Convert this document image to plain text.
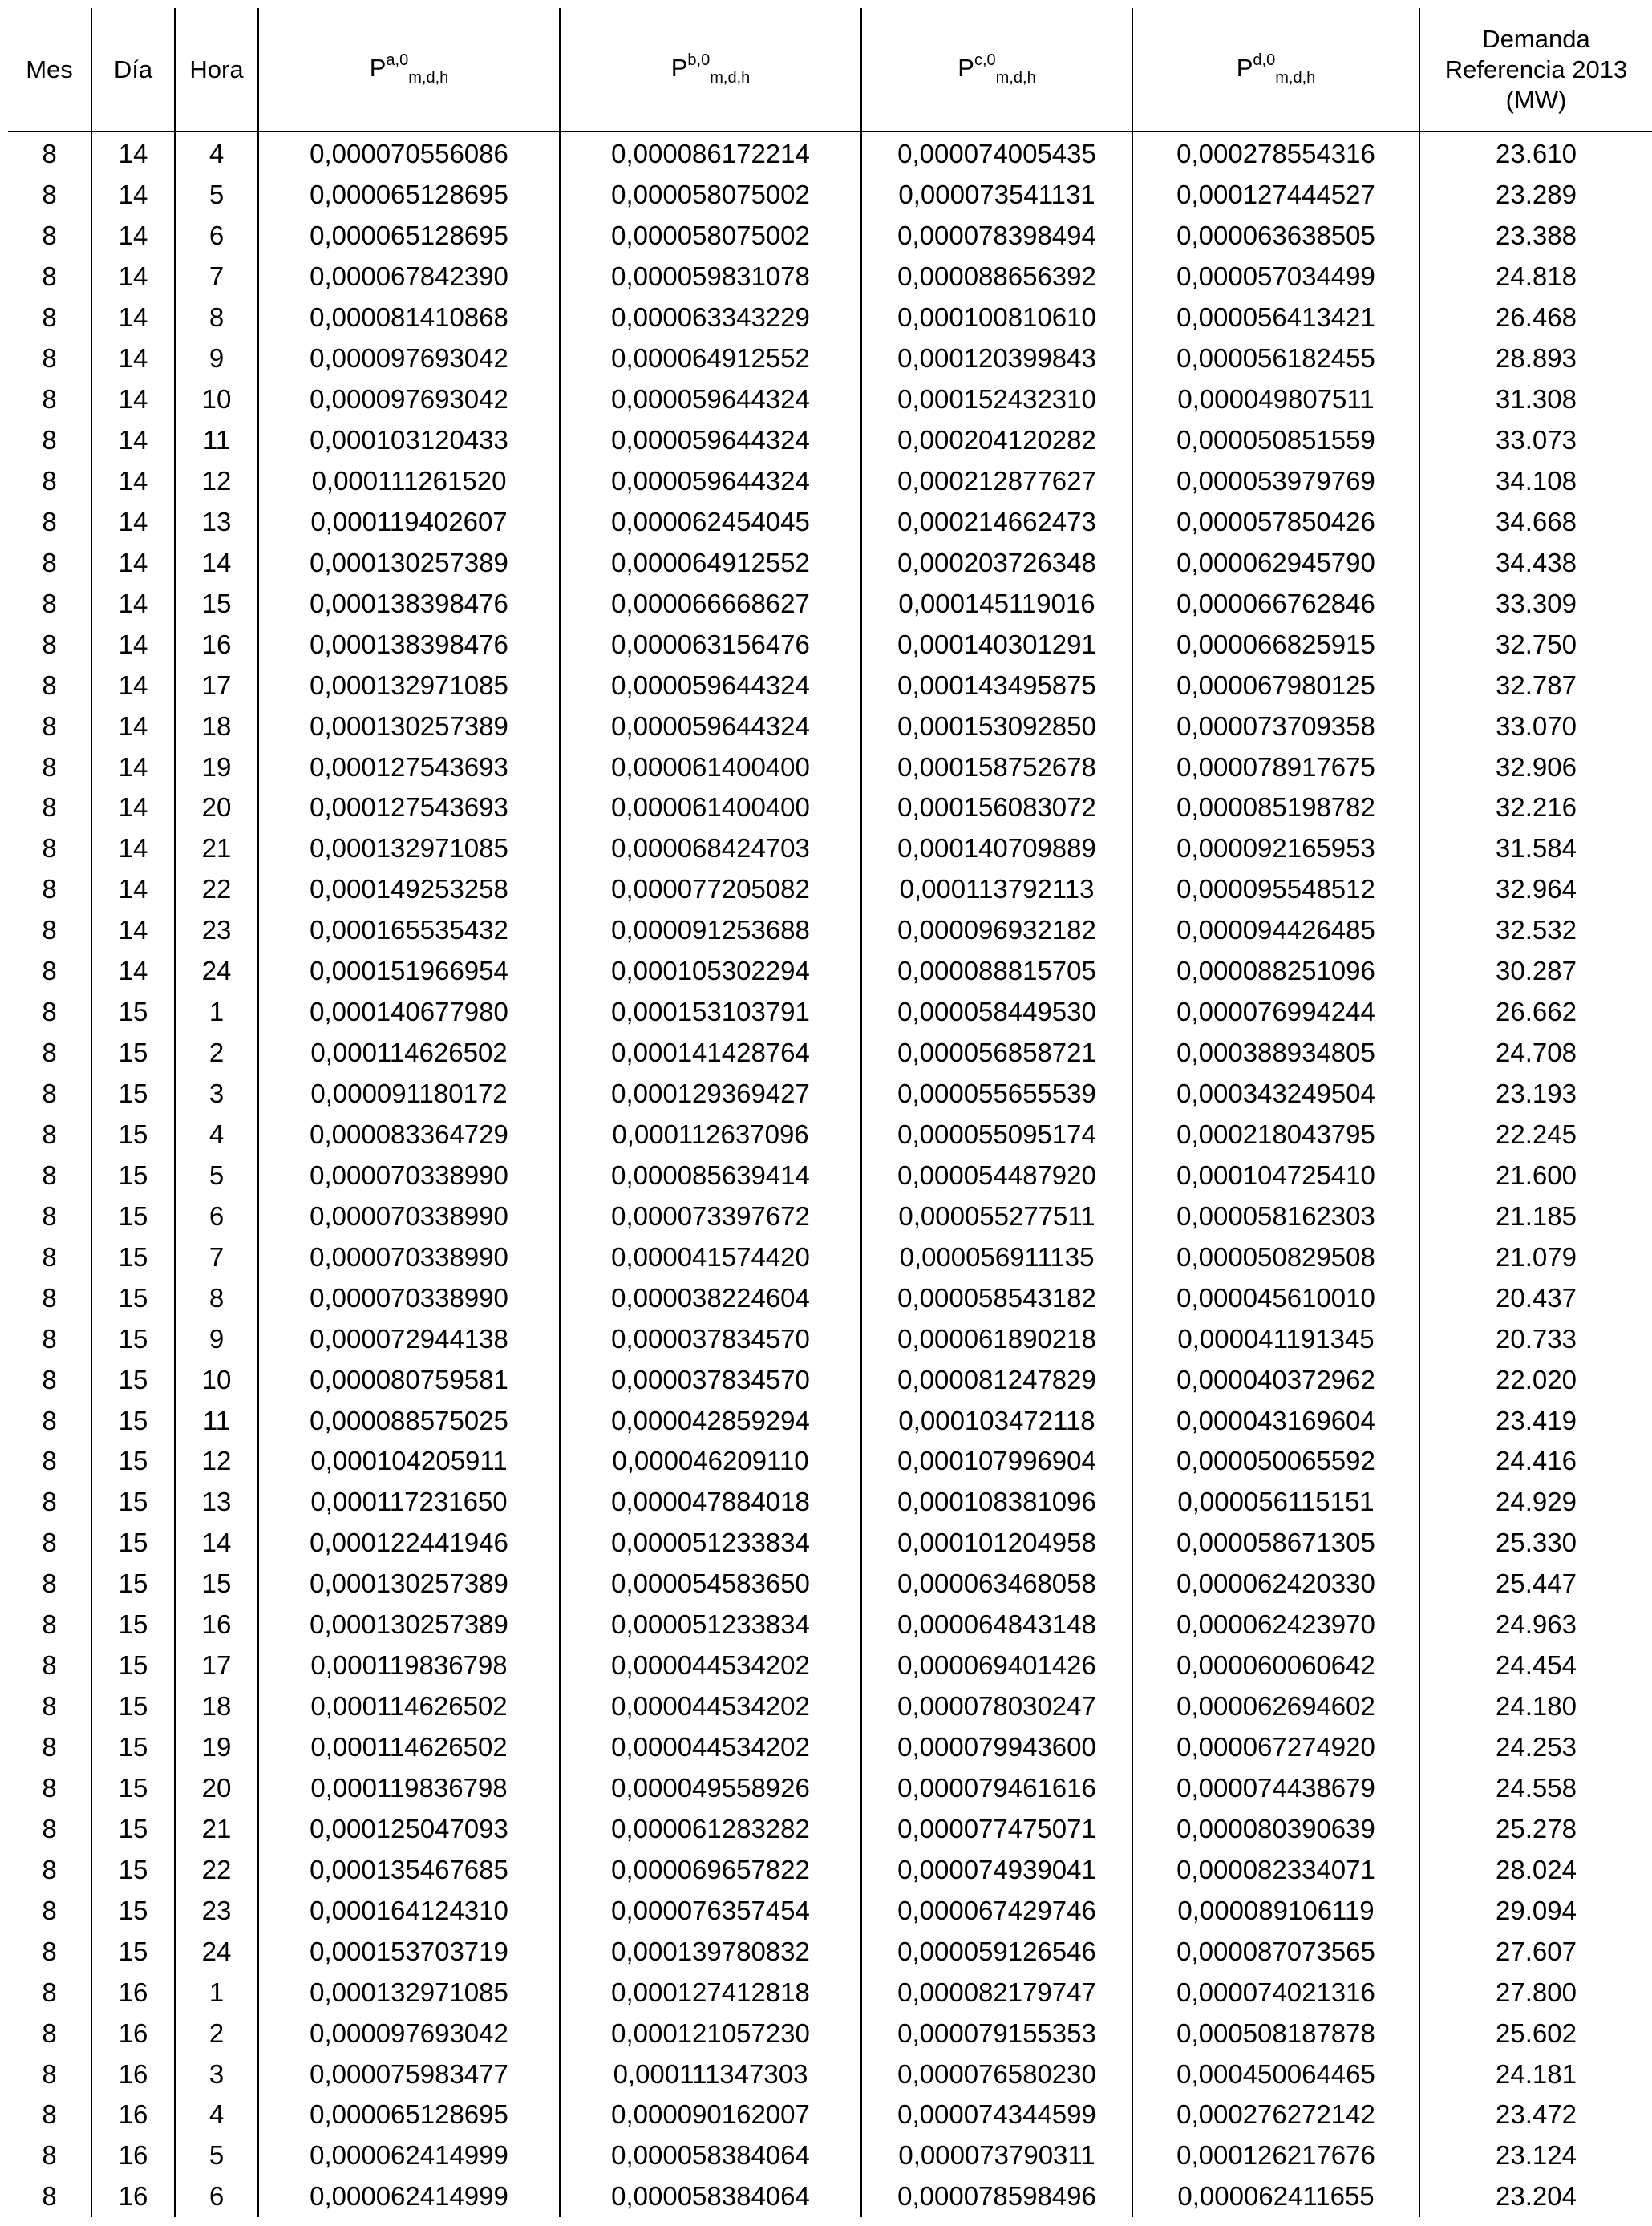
Mes	Día	Hora	P$^{a,0}_{m,d,h}$	P$^{b,0}_{m,d,h}$	P$^{c,0}_{m,d,h}$	P$^{d,0}_{m,d,h}$	Demanda
Referencia 2013
(MW)

8	14	4	0,000070556086	0,000086172214	0,000074005435	0,000278554316	23.610
8	14	5	0,000065128695	0,000058075002	0,000073541131	0,000127444527	23.289
8	14	6	0,000065128695	0,000058075002	0,000078398494	0,000063638505	23.388
8	14	7	0,000067842390	0,000059831078	0,000088656392	0,000057034499	24.818
8	14	8	0,000081410868	0,000063343229	0,000100810610	0,000056413421	26.468
8	14	9	0,000097693042	0,000064912552	0,000120399843	0,000056182455	28.893
8	14	10	0,000097693042	0,000059644324	0,000152432310	0,000049807511	31.308
8	14	11	0,000103120433	0,000059644324	0,000204120282	0,000050851559	33.073
8	14	12	0,000111261520	0,000059644324	0,000212877627	0,000053979769	34.108
8	14	13	0,000119402607	0,000062454045	0,000214662473	0,000057850426	34.668
8	14	14	0,000130257389	0,000064912552	0,000203726348	0,000062945790	34.438
8	14	15	0,000138398476	0,000066668627	0,000145119016	0,000066762846	33.309
8	14	16	0,000138398476	0,000063156476	0,000140301291	0,000066825915	32.750
8	14	17	0,000132971085	0,000059644324	0,000143495875	0,000067980125	32.787
8	14	18	0,000130257389	0,000059644324	0,000153092850	0,000073709358	33.070
8	14	19	0,000127543693	0,000061400400	0,000158752678	0,000078917675	32.906
8	14	20	0,000127543693	0,000061400400	0,000156083072	0,000085198782	32.216
8	14	21	0,000132971085	0,000068424703	0,000140709889	0,000092165953	31.584
8	14	22	0,000149253258	0,000077205082	0,000113792113	0,000095548512	32.964
8	14	23	0,000165535432	0,000091253688	0,000096932182	0,000094426485	32.532
8	14	24	0,000151966954	0,000105302294	0,000088815705	0,000088251096	30.287
8	15	1	0,000140677980	0,000153103791	0,000058449530	0,000076994244	26.662
8	15	2	0,000114626502	0,000141428764	0,000056858721	0,000388934805	24.708
8	15	3	0,000091180172	0,000129369427	0,000055655539	0,000343249504	23.193
8	15	4	0,000083364729	0,000112637096	0,000055095174	0,000218043795	22.245
8	15	5	0,000070338990	0,000085639414	0,000054487920	0,000104725410	21.600
8	15	6	0,000070338990	0,000073397672	0,000055277511	0,000058162303	21.185
8	15	7	0,000070338990	0,000041574420	0,000056911135	0,000050829508	21.079
8	15	8	0,000070338990	0,000038224604	0,000058543182	0,000045610010	20.437
8	15	9	0,000072944138	0,000037834570	0,000061890218	0,000041191345	20.733
8	15	10	0,000080759581	0,000037834570	0,000081247829	0,000040372962	22.020
8	15	11	0,000088575025	0,000042859294	0,000103472118	0,000043169604	23.419
8	15	12	0,000104205911	0,000046209110	0,000107996904	0,000050065592	24.416
8	15	13	0,000117231650	0,000047884018	0,000108381096	0,000056115151	24.929
8	15	14	0,000122441946	0,000051233834	0,000101204958	0,000058671305	25.330
8	15	15	0,000130257389	0,000054583650	0,000063468058	0,000062420330	25.447
8	15	16	0,000130257389	0,000051233834	0,000064843148	0,000062423970	24.963
8	15	17	0,000119836798	0,000044534202	0,000069401426	0,000060060642	24.454
8	15	18	0,000114626502	0,000044534202	0,000078030247	0,000062694602	24.180
8	15	19	0,000114626502	0,000044534202	0,000079943600	0,000067274920	24.253
8	15	20	0,000119836798	0,000049558926	0,000079461616	0,000074438679	24.558
8	15	21	0,000125047093	0,000061283282	0,000077475071	0,000080390639	25.278
8	15	22	0,000135467685	0,000069657822	0,000074939041	0,000082334071	28.024
8	15	23	0,000164124310	0,000076357454	0,000067429746	0,000089106119	29.094
8	15	24	0,000153703719	0,000139780832	0,000059126546	0,000087073565	27.607
8	16	1	0,000132971085	0,000127412818	0,000082179747	0,000074021316	27.800
8	16	2	0,000097693042	0,000121057230	0,000079155353	0,000508187878	25.602
8	16	3	0,000075983477	0,000111347303	0,000076580230	0,000450064465	24.181
8	16	4	0,000065128695	0,000090162007	0,000074344599	0,000276272142	23.472
8	16	5	0,000062414999	0,000058384064	0,000073790311	0,000126217676	23.124
8	16	6	0,000062414999	0,000058384064	0,000078598496	0,000062411655	23.204
